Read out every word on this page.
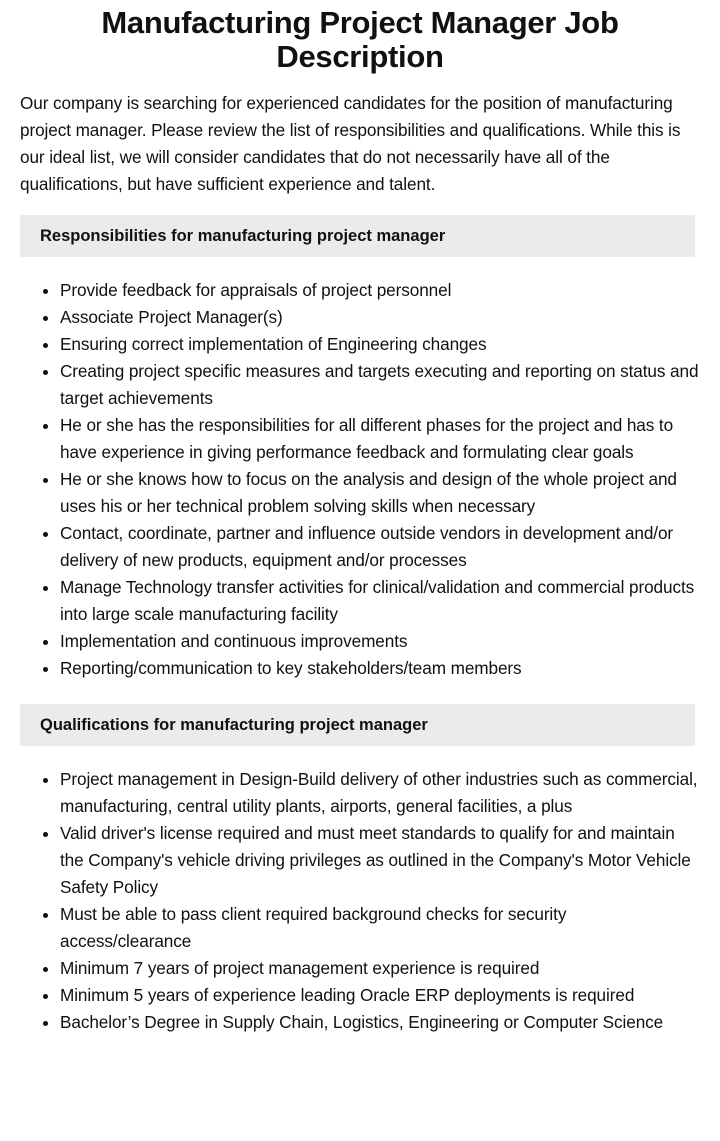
Manufacturing Project Manager Job Description

Our company is searching for experienced candidates for the position of manufacturing project manager. Please review the list of responsibilities and qualifications. While this is our ideal list, we will consider candidates that do not necessarily have all of the qualifications, but have sufficient experience and talent.

Responsibilities for manufacturing project manager
• Provide feedback for appraisals of project personnel
• Associate Project Manager(s)
• Ensuring correct implementation of Engineering changes
• Creating project specific measures and targets executing and reporting on status and target achievements
• He or she has the responsibilities for all different phases for the project and has to have experience in giving performance feedback and formulating clear goals
• He or she knows how to focus on the analysis and design of the whole project and uses his or her technical problem solving skills when necessary
• Contact, coordinate, partner and influence outside vendors in development and/or delivery of new products, equipment and/or processes
• Manage Technology transfer activities for clinical/validation and commercial products into large scale manufacturing facility
• Implementation and continuous improvements
• Reporting/communication to key stakeholders/team members
Qualifications for manufacturing project manager
• Project management in Design-Build delivery of other industries such as commercial, manufacturing, central utility plants, airports, general facilities, a plus
• Valid driver's license required and must meet standards to qualify for and maintain the Company's vehicle driving privileges as outlined in the Company's Motor Vehicle Safety Policy
• Must be able to pass client required background checks for security access/clearance
• Minimum 7 years of project management experience is required
• Minimum 5 years of experience leading Oracle ERP deployments is required
• Bachelor’s Degree in Supply Chain, Logistics, Engineering or Computer Science
